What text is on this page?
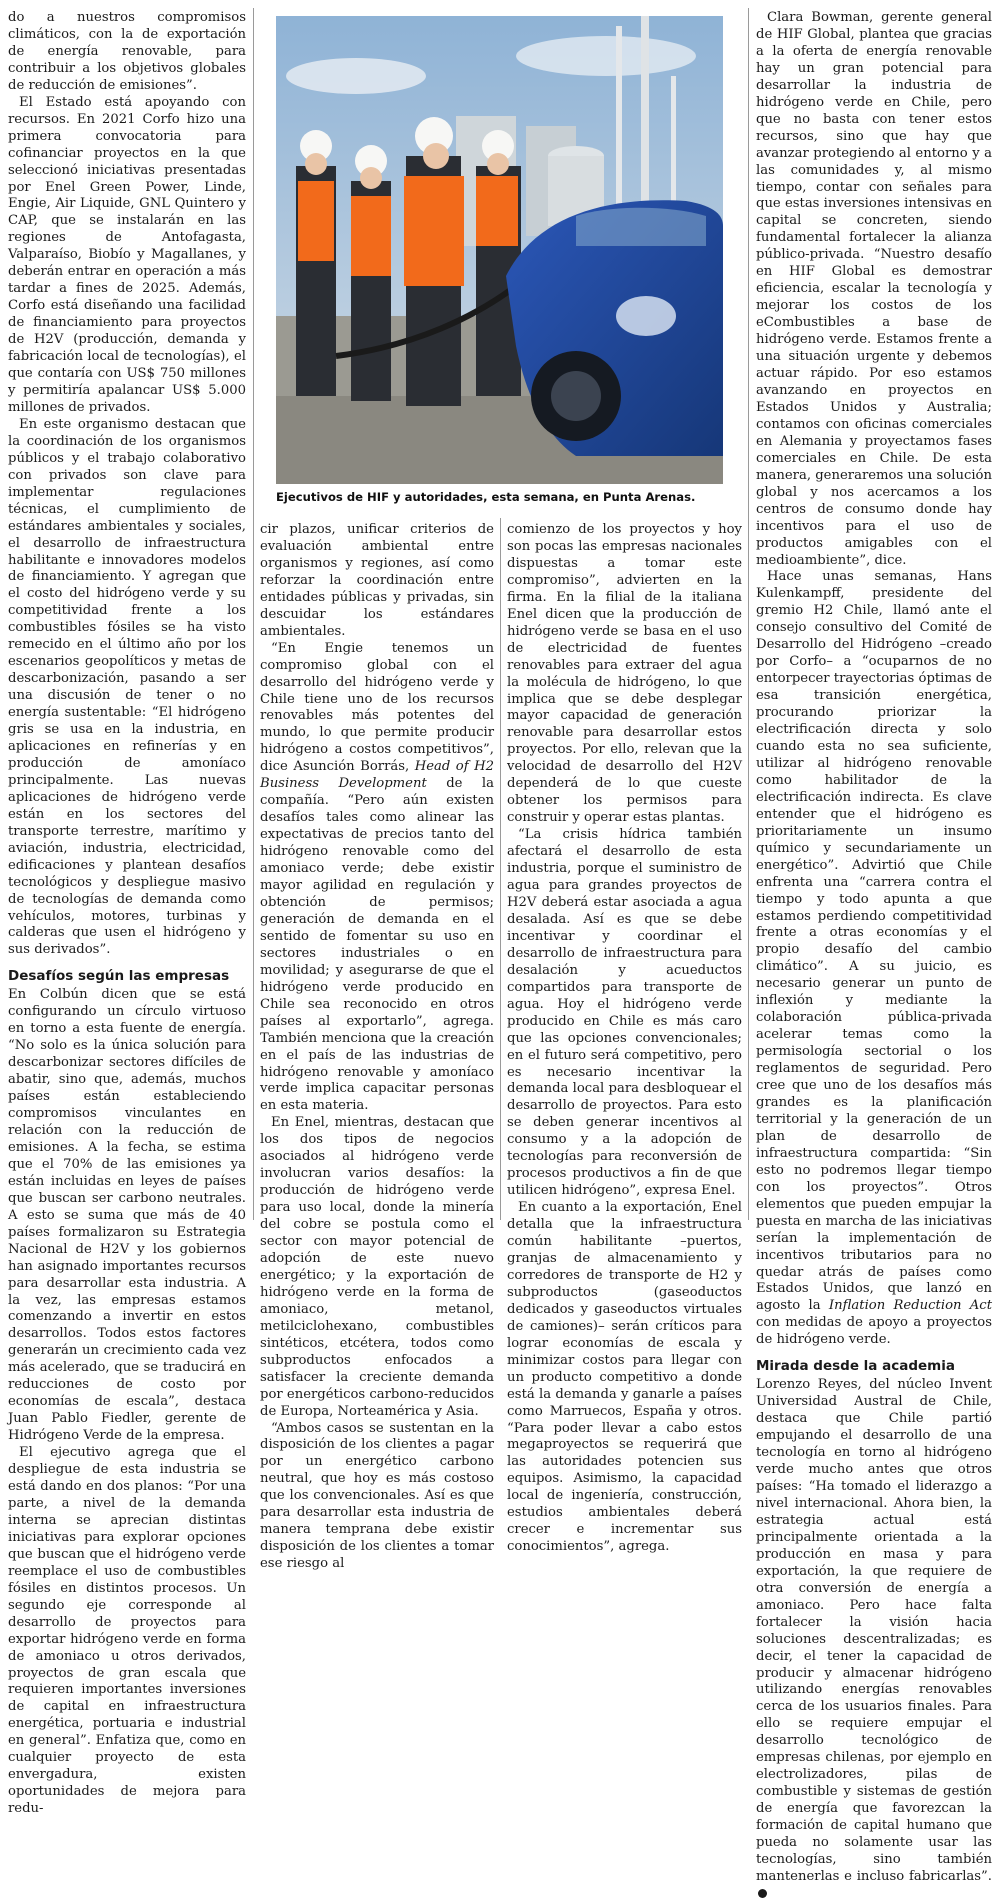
do a nuestros compromisos climáticos, con la de exportación de energía renovable, para contribuir a los objetivos globales de reducción de emisiones”.

El Estado está apoyando con recursos. En 2021 Corfo hizo una primera convocatoria para cofinanciar proyectos en la que seleccionó iniciativas presentadas por Enel Green Power, Linde, Engie, Air Liquide, GNL Quintero y CAP, que se instalarán en las regiones de Antofagasta, Valparaíso, Biobío y Magallanes, y deberán entrar en operación a más tardar a fines de 2025. Además, Corfo está diseñando una facilidad de financiamiento para proyectos de H2V (producción, demanda y fabricación local de tecnologías), el que contaría con US$ 750 millones y permitiría apalancar US$ 5.000 millones de privados.

En este organismo destacan que la coordinación de los organismos públicos y el trabajo colaborativo con privados son clave para implementar regulaciones técnicas, el cumplimiento de estándares ambientales y sociales, el desarrollo de infraestructura habilitante e innovadores modelos de financiamiento. Y agregan que el costo del hidrógeno verde y su competitividad frente a los combustibles fósiles se ha visto remecido en el último año por los escenarios geopolíticos y metas de descarbonización, pasando a ser una discusión de tener o no energía sustentable: “El hidrógeno gris se usa en la industria, en aplicaciones en refinerías y en producción de amoníaco principalmente. Las nuevas aplicaciones de hidrógeno verde están en los sectores del transporte terrestre, marítimo y aviación, industria, electricidad, edificaciones y plantean desafíos tecnológicos y despliegue masivo de tecnologías de demanda como vehículos, motores, turbinas y calderas que usen el hidrógeno y sus derivados”.

Desafíos según las empresas

En Colbún dicen que se está configurando un círculo virtuoso en torno a esta fuente de energía. “No solo es la única solución para descarbonizar sectores difíciles de abatir, sino que, además, muchos países están estableciendo compromisos vinculantes en relación con la reducción de emisiones. A la fecha, se estima que el 70% de las emisiones ya están incluidas en leyes de países que buscan ser carbono neutrales. A esto se suma que más de 40 países formalizaron su Estrategia Nacional de H2V y los gobiernos han asignado importantes recursos para desarrollar esta industria. A la vez, las empresas estamos comenzando a invertir en estos desarrollos. Todos estos factores generarán un crecimiento cada vez más acelerado, que se traducirá en reducciones de costo por economías de escala”, destaca Juan Pablo Fiedler, gerente de Hidrógeno Verde de la empresa.

El ejecutivo agrega que el despliegue de esta industria se está dando en dos planos: “Por una parte, a nivel de la demanda interna se aprecian distintas iniciativas para explorar opciones que buscan que el hidrógeno verde reemplace el uso de combustibles fósiles en distintos procesos. Un segundo eje corresponde al desarrollo de proyectos para exportar hidrógeno verde en forma de amoniaco u otros derivados, proyectos de gran escala que requieren importantes inversiones de capital en infraestructura energética, portuaria e industrial en general”. Enfatiza que, como en cualquier proyecto de esta envergadura, existen oportunidades de mejora para redu-

Ejecutivos de HIF y autoridades, esta semana, en Punta Arenas.

cir plazos, unificar criterios de evaluación ambiental entre organismos y regiones, así como reforzar la coordinación entre entidades públicas y privadas, sin descuidar los estándares ambientales.

“En Engie tenemos un compromiso global con el desarrollo del hidrógeno verde y Chile tiene uno de los recursos renovables más potentes del mundo, lo que permite producir hidrógeno a costos competitivos”, dice Asunción Borrás, Head of H2 Business Development de la compañía. “Pero aún existen desafíos tales como alinear las expectativas de precios tanto del hidrógeno renovable como del amoniaco verde; debe existir mayor agilidad en regulación y obtención de permisos; generación de demanda en el sentido de fomentar su uso en sectores industriales o en movilidad; y asegurarse de que el hidrógeno verde producido en Chile sea reconocido en otros países al exportarlo”, agrega. También menciona que la creación en el país de las industrias de hidrógeno renovable y amoníaco verde implica capacitar personas en esta materia.

En Enel, mientras, destacan que los dos tipos de negocios asociados al hidrógeno verde involucran varios desafíos: la producción de hidrógeno verde para uso local, donde la minería del cobre se postula como el sector con mayor potencial de adopción de este nuevo energético; y la exportación de hidrógeno verde en la forma de amoniaco, metanol, metilciclohexano, combustibles sintéticos, etcétera, todos como subproductos enfocados a satisfacer la creciente demanda por energéticos carbono-reducidos de Europa, Norteamérica y Asia.

“Ambos casos se sustentan en la disposición de los clientes a pagar por un energético carbono neutral, que hoy es más costoso que los convencionales. Así es que para desarrollar esta industria de manera temprana debe existir disposición de los clientes a tomar ese riesgo al

comienzo de los proyectos y hoy son pocas las empresas nacionales dispuestas a tomar este compromiso”, advierten en la firma. En la filial de la italiana Enel dicen que la producción de hidrógeno verde se basa en el uso de electricidad de fuentes renovables para extraer del agua la molécula de hidrógeno, lo que implica que se debe desplegar mayor capacidad de generación renovable para desarrollar estos proyectos. Por ello, relevan que la velocidad de desarrollo del H2V dependerá de lo que cueste obtener los permisos para construir y operar estas plantas.

“La crisis hídrica también afectará el desarrollo de esta industria, porque el suministro de agua para grandes proyectos de H2V deberá estar asociada a agua desalada. Así es que se debe incentivar y coordinar el desarrollo de infraestructura para desalación y acueductos compartidos para transporte de agua. Hoy el hidrógeno verde producido en Chile es más caro que las opciones convencionales; en el futuro será competitivo, pero es necesario incentivar la demanda local para desbloquear el desarrollo de proyectos. Para esto se deben generar incentivos al consumo y a la adopción de tecnologías para reconversión de procesos productivos a fin de que utilicen hidrógeno”, expresa Enel.

En cuanto a la exportación, Enel detalla que la infraestructura común habilitante –puertos, granjas de almacenamiento y corredores de transporte de H2 y subproductos (gaseoductos dedicados y gaseoductos virtuales de camiones)– serán críticos para lograr economías de escala y minimizar costos para llegar con un producto competitivo a donde está la demanda y ganarle a países como Marruecos, España y otros. “Para poder llevar a cabo estos megaproyectos se requerirá que las autoridades potencien sus equipos. Asimismo, la capacidad local de ingeniería, construcción, estudios ambientales deberá crecer e incrementar sus conocimientos”, agrega.

Clara Bowman, gerente general de HIF Global, plantea que gracias a la oferta de energía renovable hay un gran potencial para desarrollar la industria de hidrógeno verde en Chile, pero que no basta con tener estos recursos, sino que hay que avanzar protegiendo al entorno y a las comunidades y, al mismo tiempo, contar con señales para que estas inversiones intensivas en capital se concreten, siendo fundamental fortalecer la alianza público-privada. “Nuestro desafío en HIF Global es demostrar eficiencia, escalar la tecnología y mejorar los costos de los eCombustibles a base de hidrógeno verde. Estamos frente a una situación urgente y debemos actuar rápido. Por eso estamos avanzando en proyectos en Estados Unidos y Australia; contamos con oficinas comerciales en Alemania y proyectamos fases comerciales en Chile. De esta manera, generaremos una solución global y nos acercamos a los centros de consumo donde hay incentivos para el uso de productos amigables con el medioambiente”, dice.

Hace unas semanas, Hans Kulenkampff, presidente del gremio H2 Chile, llamó ante el consejo consultivo del Comité de Desarrollo del Hidrógeno –creado por Corfo– a “ocuparnos de no entorpecer trayectorias óptimas de esa transición energética, procurando priorizar la electrificación directa y solo cuando esta no sea suficiente, utilizar al hidrógeno renovable como habilitador de la electrificación indirecta. Es clave entender que el hidrógeno es prioritariamente un insumo químico y secundariamente un energético”. Advirtió que Chile enfrenta una “carrera contra el tiempo y todo apunta a que estamos perdiendo competitividad frente a otras economías y el propio desafío del cambio climático”. A su juicio, es necesario generar un punto de inflexión y mediante la colaboración pública-privada acelerar temas como la permisología sectorial o los reglamentos de seguridad. Pero cree que uno de los desafíos más grandes es la planificación territorial y la generación de un plan de desarrollo de infraestructura compartida: “Sin esto no podremos llegar tiempo con los proyectos”. Otros elementos que pueden empujar la puesta en marcha de las iniciativas serían la implementación de incentivos tributarios para no quedar atrás de países como Estados Unidos, que lanzó en agosto la Inflation Reduction Act con medidas de apoyo a proyectos de hidrógeno verde.

Mirada desde la academia

Lorenzo Reyes, del núcleo Invent Universidad Austral de Chile, destaca que Chile partió empujando el desarrollo de una tecnología en torno al hidrógeno verde mucho antes que otros países: “Ha tomado el liderazgo a nivel internacional. Ahora bien, la estrategia actual está principalmente orientada a la producción en masa y para exportación, la que requiere de otra conversión de energía a amoniaco. Pero hace falta fortalecer la visión hacia soluciones descentralizadas; es decir, el tener la capacidad de producir y almacenar hidrógeno utilizando energías renovables cerca de los usuarios finales. Para ello se requiere empujar el desarrollo tecnológico de empresas chilenas, por ejemplo en electrolizadores, pilas de combustible y sistemas de gestión de energía que favorezcan la formación de capital humano que pueda no solamente usar las tecnologías, sino también mantenerlas e incluso fabricarlas”.
